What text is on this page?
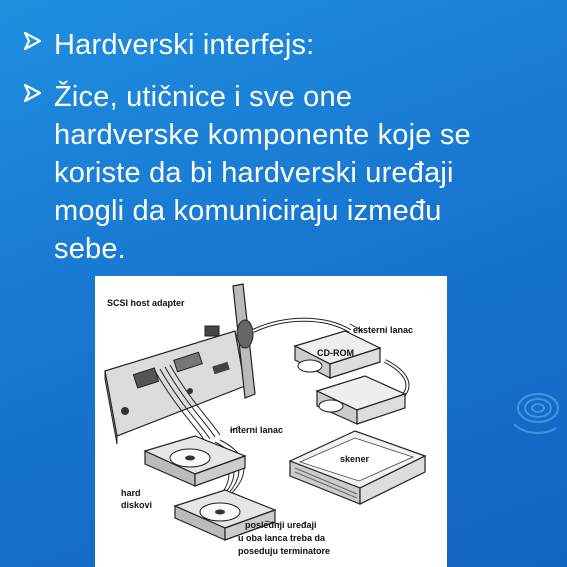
Hardverski interfejs:
Žice, utičnice i sve one
hardverske komponente koje se
koriste da bi hardverski uređaji
mogli da komuniciraju između
sebe.
SCSI host adapter
eksterni lanac
CD-ROM
interni lanac
skener
hard
diskovi
poslednji uređaji
u oba lanca treba da
poseduju terminatore
